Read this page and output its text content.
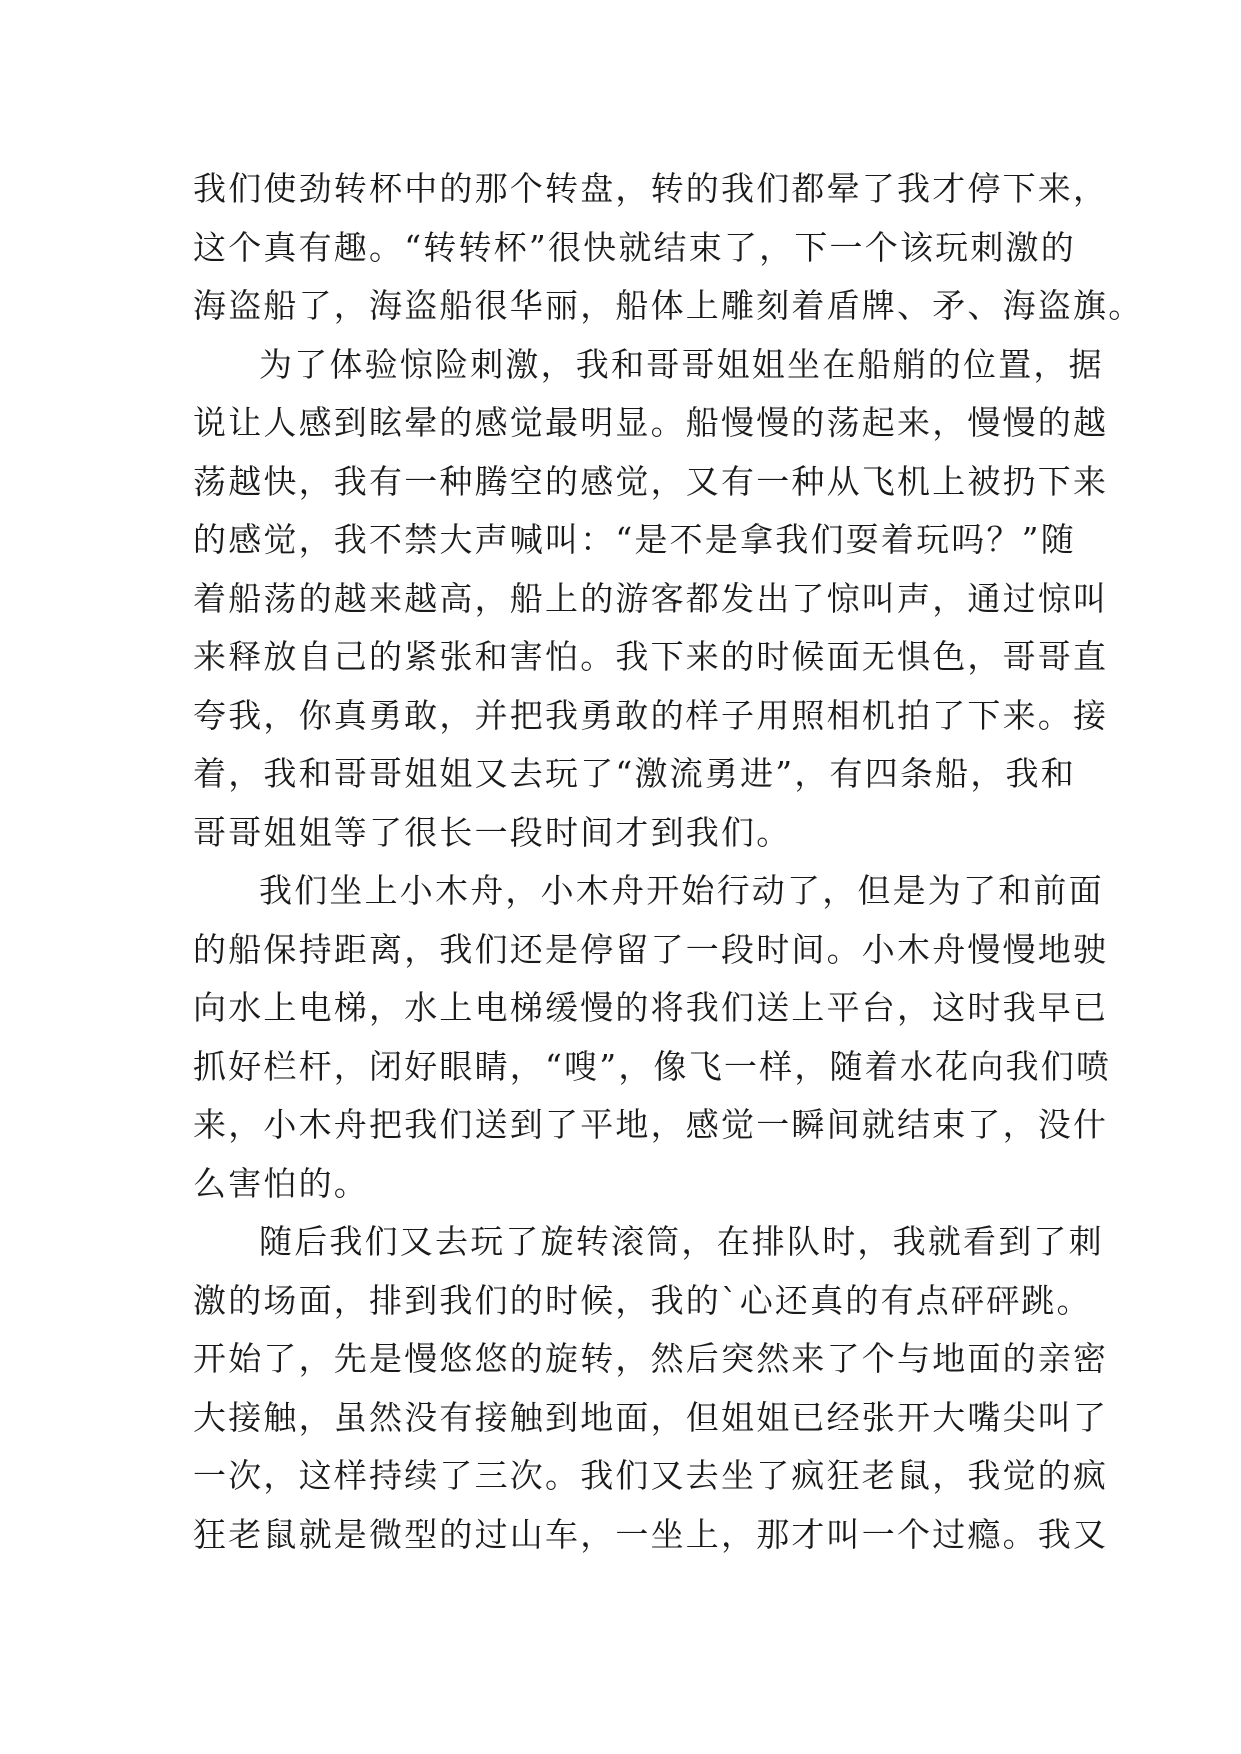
我们使劲转杯中的那个转盘，转的我们都晕了我才停下来，
这个真有趣。“转转杯”很快就结束了，下一个该玩刺激的
海盗船了，海盗船很华丽，船体上雕刻着盾牌、矛、海盗旗。
为了体验惊险刺激，我和哥哥姐姐坐在船艄的位置，据
说让人感到眩晕的感觉最明显。船慢慢的荡起来，慢慢的越
荡越快，我有一种腾空的感觉，又有一种从飞机上被扔下来
的感觉，我不禁大声喊叫：“是不是拿我们耍着玩吗？”随
着船荡的越来越高，船上的游客都发出了惊叫声，通过惊叫
来释放自己的紧张和害怕。我下来的时候面无惧色，哥哥直
夸我，你真勇敢，并把我勇敢的样子用照相机拍了下来。接
着，我和哥哥姐姐又去玩了“激流勇进”，有四条船，我和
哥哥姐姐等了很长一段时间才到我们。
我们坐上小木舟，小木舟开始行动了，但是为了和前面
的船保持距离，我们还是停留了一段时间。小木舟慢慢地驶
向水上电梯，水上电梯缓慢的将我们送上平台，这时我早已
抓好栏杆，闭好眼睛，“嗖”，像飞一样，随着水花向我们喷
来，小木舟把我们送到了平地，感觉一瞬间就结束了，没什
么害怕的。
随后我们又去玩了旋转滚筒，在排队时，我就看到了刺
激的场面，排到我们的时候，我的`心还真的有点砰砰跳。
开始了，先是慢悠悠的旋转，然后突然来了个与地面的亲密
大接触，虽然没有接触到地面，但姐姐已经张开大嘴尖叫了
一次，这样持续了三次。我们又去坐了疯狂老鼠，我觉的疯
狂老鼠就是微型的过山车，一坐上，那才叫一个过瘾。我又
